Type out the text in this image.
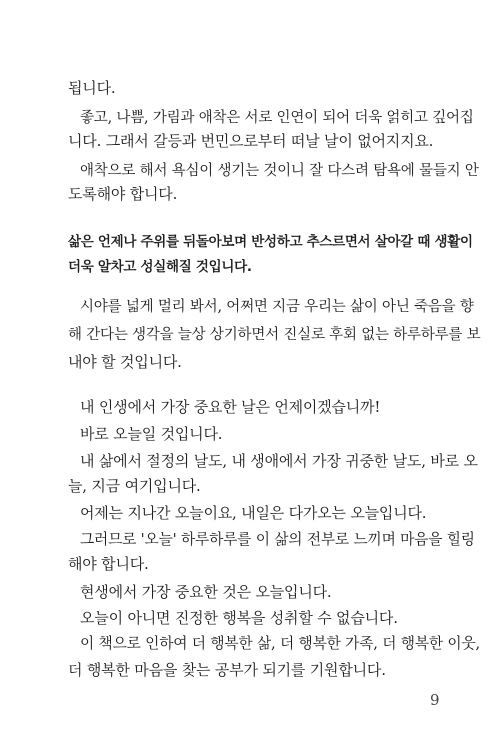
됩니다.
좋고, 나쁨, 가림과 애착은 서로 인연이 되어 더욱 얽히고 깊어집
니다. 그래서 갈등과 번민으로부터 떠날 날이 없어지지요.
애착으로 해서 욕심이 생기는 것이니 잘 다스려 탐욕에 물들지 안
도록해야 합니다.
삶은 언제나 주위를 뒤돌아보며 반성하고 추스르면서 살아갈 때 생활이
더욱 알차고 성실해질 것입니다.
시야를 넓게 멀리 봐서, 어쩌면 지금 우리는 삶이 아닌 죽음을 향
해 간다는 생각을 늘상 상기하면서 진실로 후회 없는 하루하루를 보
내야 할 것입니다.
내 인생에서 가장 중요한 날은 언제이겠습니까!
바로 오늘일 것입니다.
내 삶에서 절정의 날도, 내 생애에서 가장 귀중한 날도, 바로 오
늘, 지금 여기입니다.
어제는 지나간 오늘이요, 내일은 다가오는 오늘입니다.
그러므로 '오늘' 하루하루를 이 삶의 전부로 느끼며 마음을 힐링
해야 합니다.
현생에서 가장 중요한 것은 오늘입니다.
오늘이 아니면 진정한 행복을 성취할 수 없습니다.
이 책으로 인하여 더 행복한 삶, 더 행복한 가족, 더 행복한 이웃,
더 행복한 마음을 찾는 공부가 되기를 기원합니다.
9
